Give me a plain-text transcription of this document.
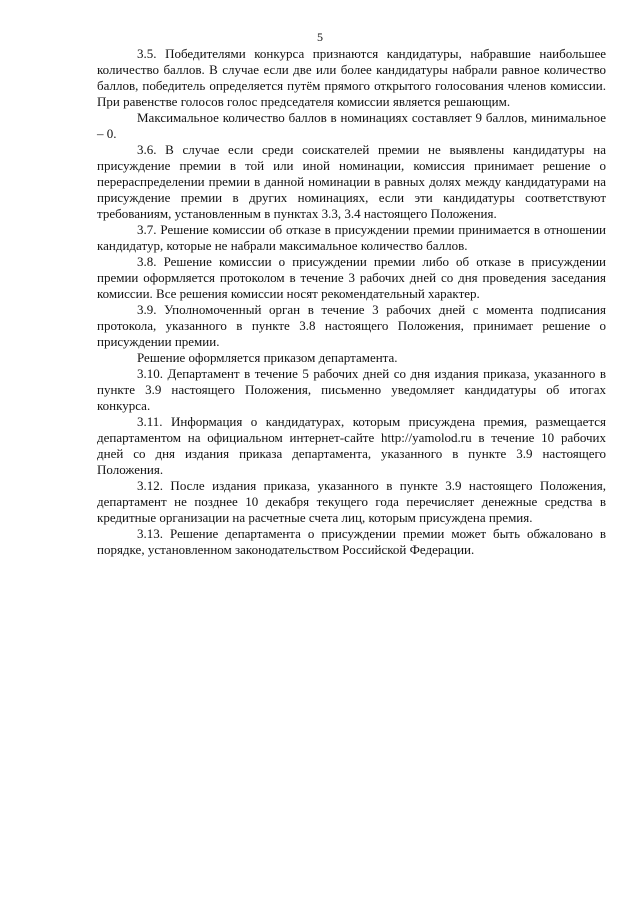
5

3.5. Победителями конкурса признаются кандидатуры, набравшие наибольшее количество баллов. В случае если две или более кандидатуры набрали равное количество баллов, победитель определяется путём прямого открытого голосования членов комиссии. При равенстве голосов голос председателя комиссии является решающим.

Максимальное количество баллов в номинациях составляет 9 баллов, минимальное – 0.

3.6. В случае если среди соискателей премии не выявлены кандидатуры на присуждение премии в той или иной номинации, комиссия принимает решение о перераспределении премии в данной номинации в равных долях между кандидатурами на присуждение премии в других номинациях, если эти кандидатуры соответствуют требованиям, установленным в пунктах 3.3, 3.4 настоящего Положения.

3.7. Решение комиссии об отказе в присуждении премии принимается в отношении кандидатур, которые не набрали максимальное количество баллов.

3.8. Решение комиссии о присуждении премии либо об отказе в присуждении премии оформляется протоколом в течение 3 рабочих дней со дня проведения заседания комиссии. Все решения комиссии носят рекомендательный характер.

3.9. Уполномоченный орган в течение 3 рабочих дней с момента подписания протокола, указанного в пункте 3.8 настоящего Положения, принимает решение о присуждении премии.

Решение оформляется приказом департамента.

3.10. Департамент в течение 5 рабочих дней со дня издания приказа, указанного в пункте 3.9 настоящего Положения, письменно уведомляет кандидатуры об итогах конкурса.

3.11. Информация о кандидатурах, которым присуждена премия, размещается департаментом на официальном интернет-сайте http://yamolod.ru в течение 10 рабочих дней со дня издания приказа департамента, указанного в пункте 3.9 настоящего Положения.

3.12. После издания приказа, указанного в пункте 3.9 настоящего Положения, департамент не позднее 10 декабря текущего года перечисляет денежные средства в кредитные организации на расчетные счета лиц, которым присуждена премия.

3.13. Решение департамента о присуждении премии может быть обжаловано в порядке, установленном законодательством Российской Федерации.
